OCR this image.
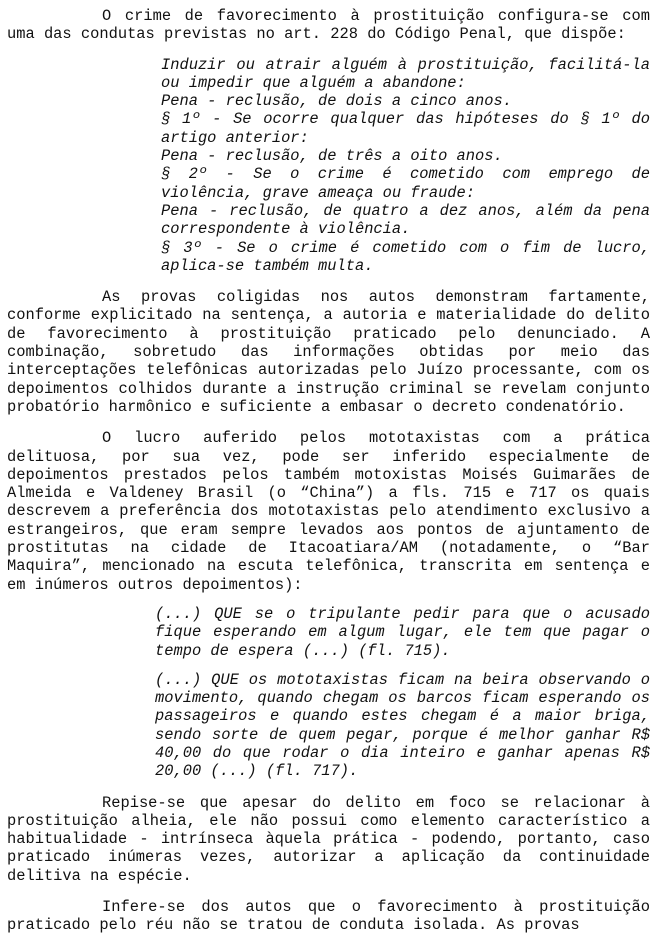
O crime de favorecimento à prostituição configura-se com uma das condutas previstas no art. 228 do Código Penal, que dispõe:

Induzir ou atrair alguém à prostituição, facilitá-la ou impedir que alguém a abandone:
Pena - reclusão, de dois a cinco anos.
§ 1º - Se ocorre qualquer das hipóteses do § 1º do artigo anterior:
Pena - reclusão, de três a oito anos.
§ 2º - Se o crime é cometido com emprego de violência, grave ameaça ou fraude:
Pena - reclusão, de quatro a dez anos, além da pena correspondente à violência.
§ 3º - Se o crime é cometido com o fim de lucro, aplica-se também multa.

As provas coligidas nos autos demonstram fartamente, conforme explicitado na sentença, a autoria e materialidade do delito de favorecimento à prostituição praticado pelo denunciado. A combinação, sobretudo das informações obtidas por meio das interceptações telefônicas autorizadas pelo Juízo processante, com os depoimentos colhidos durante a instrução criminal se revelam conjunto probatório harmônico e suficiente a embasar o decreto condenatório.

O lucro auferido pelos mototaxistas com a prática delituosa, por sua vez, pode ser inferido especialmente de depoimentos prestados pelos também motoxistas Moisés Guimarães de Almeida e Valdeney Brasil (o “China”) a fls. 715 e 717 os quais descrevem a preferência dos mototaxistas pelo atendimento exclusivo a estrangeiros, que eram sempre levados aos pontos de ajuntamento de prostitutas na cidade de Itacoatiara/AM (notadamente, o “Bar Maquira”, mencionado na escuta telefônica, transcrita em sentença e em inúmeros outros depoimentos):

(...) QUE se o tripulante pedir para que o acusado fique esperando em algum lugar, ele tem que pagar o tempo de espera (...) (fl. 715).

(...) QUE os mototaxistas ficam na beira observando o movimento, quando chegam os barcos ficam esperando os passageiros e quando estes chegam é a maior briga, sendo sorte de quem pegar, porque é melhor ganhar R$ 40,00 do que rodar o dia inteiro e ganhar apenas R$ 20,00 (...) (fl. 717).

Repise-se que apesar do delito em foco se relacionar à prostituição alheia, ele não possui como elemento característico a habitualidade - intrínseca àquela prática - podendo, portanto, caso praticado inúmeras vezes, autorizar a aplicação da continuidade delitiva na espécie.

Infere-se dos autos que o favorecimento à prostituição praticado pelo réu não se tratou de conduta isolada. As provas
